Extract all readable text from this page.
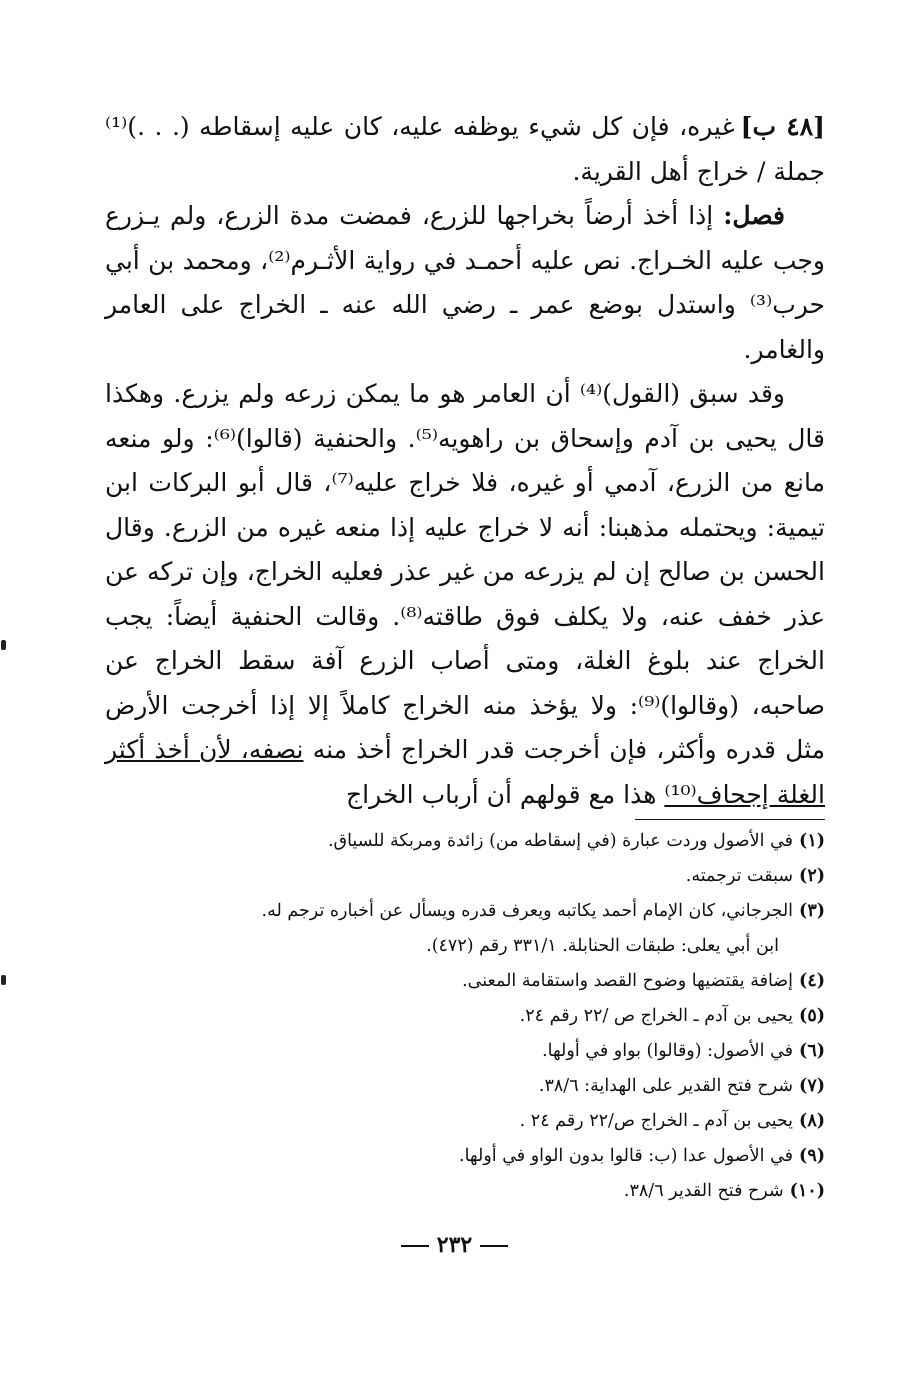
[٤٨ ب]غيره، فإن كل شيء يوظفه عليه، كان عليه إسقاطه (. . .)⁽¹⁾جملة / خراج أهل القرية.

فصل: إذا أخذ أرضاً بخراجها للزرع، فمضت مدة الزرع، ولم يـزرع وجب عليه الخـراج. نص عليه أحمـد في رواية الأثـرم⁽²⁾، ومحمد بن أبي حرب⁽³⁾ واستدل بوضع عمر ـ رضي الله عنه ـ الخراج على العامر والغامر.

وقد سبق (القول)⁽⁴⁾ أن العامر هو ما يمكن زرعه ولم يزرع. وهكذا قال يحيى بن آدم وإسحاق بن راهويه⁽⁵⁾. والحنفية (قالوا)⁽⁶⁾: ولو منعه مانع من الزرع، آدمي أو غيره، فلا خراج عليه⁽⁷⁾، قال أبو البركات ابن تيمية: ويحتمله مذهبنا: أنه لا خراج عليه إذا منعه غيره من الزرع. وقال الحسن بن صالح إن لم يزرعه من غير عذر فعليه الخراج، وإن تركه عن عذر خفف عنه، ولا يكلف فوق طاقته⁽⁸⁾. وقالت الحنفية أيضاً: يجب الخراج عند بلوغ الغلة، ومتى أصاب الزرع آفة سقط الخراج عن صاحبه، (وقالوا)⁽⁹⁾: ولا يؤخذ منه الخراج كاملاً إلا إذا أخرجت الأرض مثل قدره وأكثر، فإن أخرجت قدر الخراج أخذ منه نصفه، لأن أخذ أكثر الغلة إجحاف⁽¹⁰⁾ هذا مع قولهم أن أرباب الخراج

(١)في الأصول وردت عبارة (في إسقاطه من) زائدة ومربكة للسياق.

(٢)سبقت ترجمته.

(٣)الجرجاني، كان الإمام أحمد يكاتبه ويعرف قدره ويسأل عن أخباره ترجم له.

ابن أبي يعلى: طبقات الحنابلة. ٣٣١/١ رقم (٤٧٢).

(٤)إضافة يقتضيها وضوح القصد واستقامة المعنى.

(٥)يحيى بن آدم ـ الخراج ص /٢٢ رقم ٢٤.

(٦)في الأصول: (وقالوا) بواو في أولها.

(٧)شرح فتح القدير على الهداية: ٣٨/٦.

(٨)يحيى بن آدم ـ الخراج ص/٢٢ رقم ٢٤ .

(٩)في الأصول عدا (ب: قالوا بدون الواو في أولها.

(١٠)شرح فتح القدير ٣٨/٦.

٢٣٢
